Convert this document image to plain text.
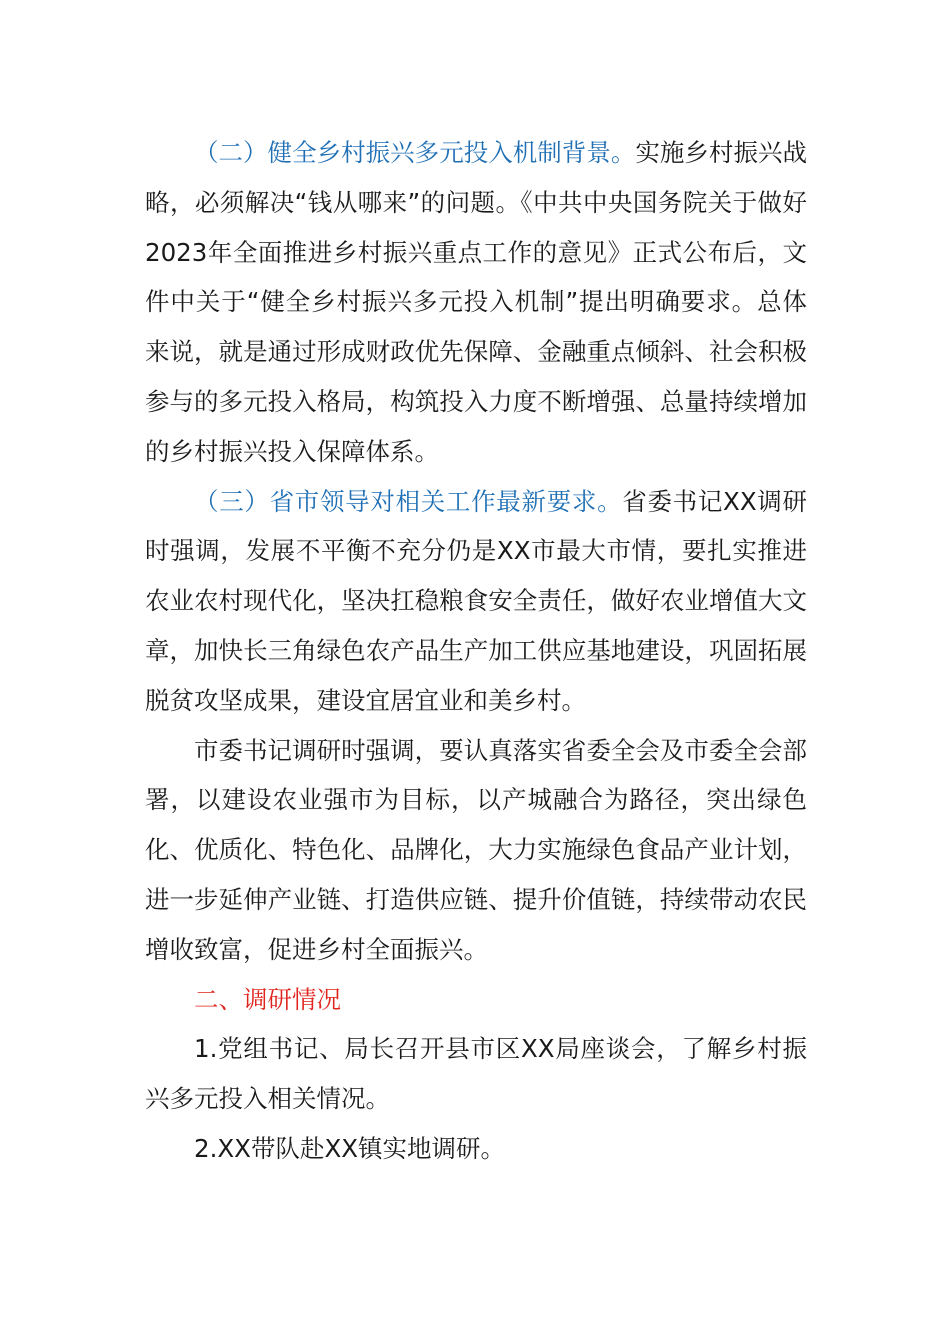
（二）健全乡村振兴多元投入机制背景。实施乡村振兴战略，必须解决“钱从哪来”的问题。《中共中央国务院关于做好2023年全面推进乡村振兴重点工作的意见》正式公布后，文件中关于“健全乡村振兴多元投入机制”提出明确要求。总体来说，就是通过形成财政优先保障、金融重点倾斜、社会积极参与的多元投入格局，构筑投入力度不断增强、总量持续增加的乡村振兴投入保障体系。

（三）省市领导对相关工作最新要求。省委书记XX调研时强调，发展不平衡不充分仍是XX市最大市情，要扎实推进农业农村现代化，坚决扛稳粮食安全责任，做好农业增值大文章，加快长三角绿色农产品生产加工供应基地建设，巩固拓展脱贫攻坚成果，建设宜居宜业和美乡村。

市委书记调研时强调，要认真落实省委全会及市委全会部署，以建设农业强市为目标，以产城融合为路径，突出绿色化、优质化、特色化、品牌化，大力实施绿色食品产业计划，进一步延伸产业链、打造供应链、提升价值链，持续带动农民增收致富，促进乡村全面振兴。

二、调研情况

1.党组书记、局长召开县市区XX局座谈会，了解乡村振兴多元投入相关情况。

2.XX带队赴XX镇实地调研。
